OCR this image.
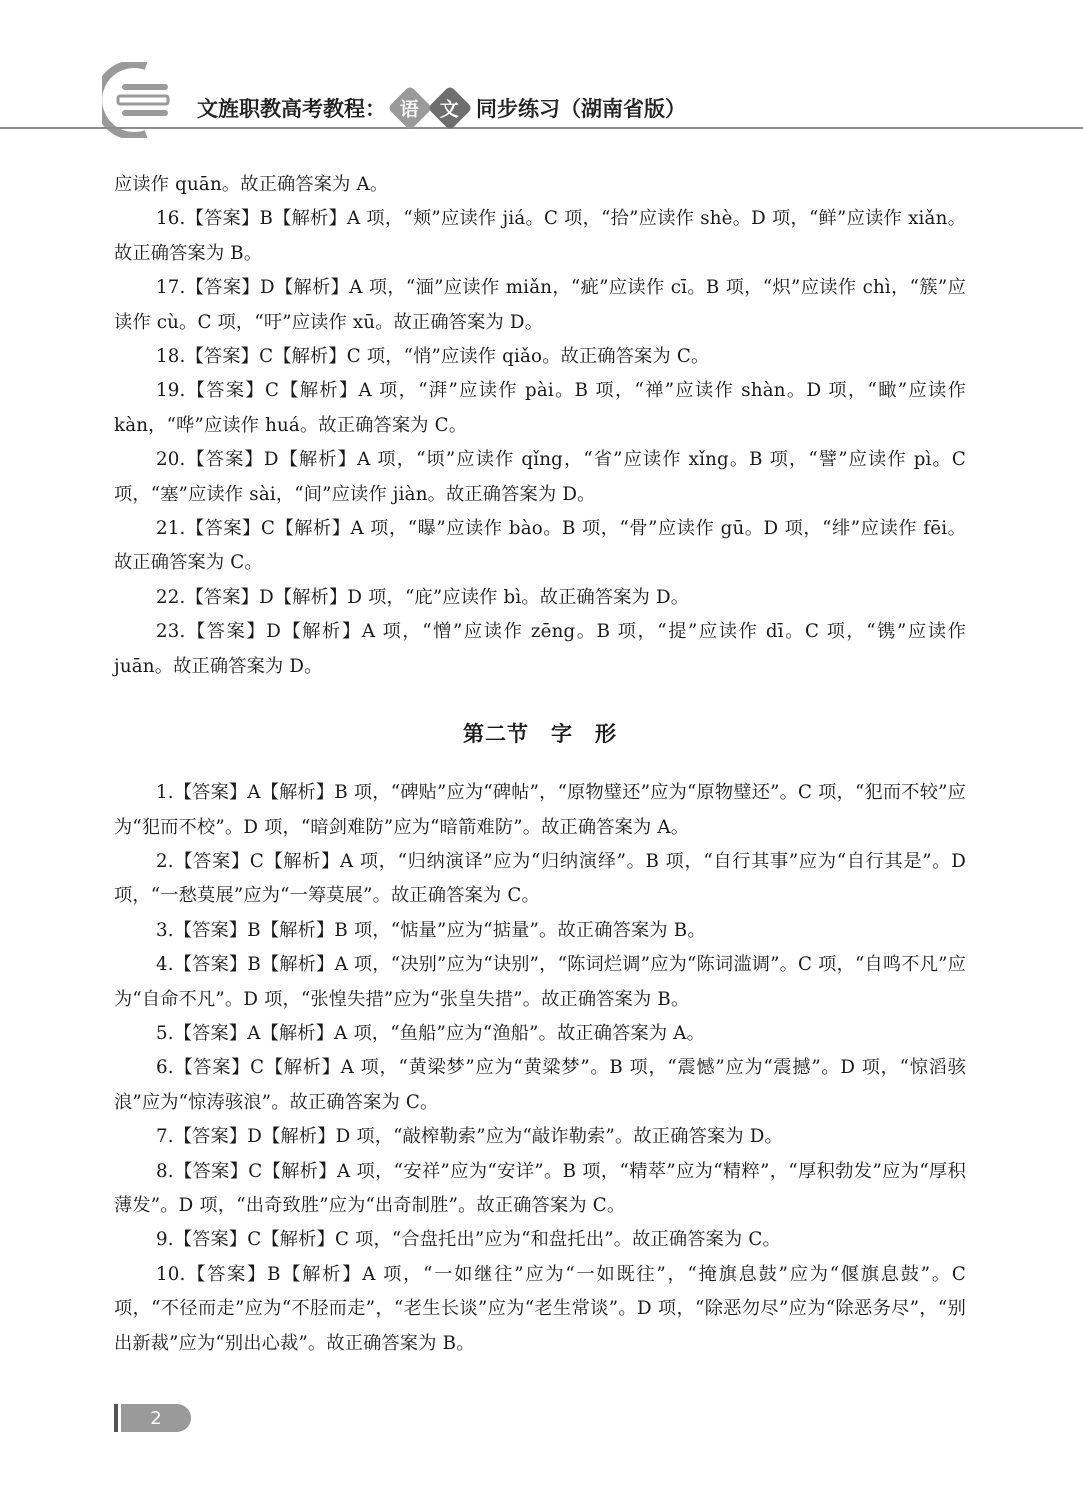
文旌职教高考教程： 语 文 同步练习（湖南省版）

应读作 quān。故正确答案为 A。

16.【答案】B【解析】A 项，“颊”应读作 jiá。C 项，“拾”应读作 shè。D 项，“鲜”应读作 xiǎn。故正确答案为 B。

17.【答案】D【解析】A 项，“湎”应读作 miǎn，“疵”应读作 cī。B 项，“炽”应读作 chì，“簇”应读作 cù。C 项，“吁”应读作 xū。故正确答案为 D。

18.【答案】C【解析】C 项，“悄”应读作 qiǎo。故正确答案为 C。

19.【答案】C【解析】A 项，“湃”应读作 pài。B 项，“禅”应读作 shàn。D 项，“瞰”应读作 kàn，“哗”应读作 huá。故正确答案为 C。

20.【答案】D【解析】A 项，“顷”应读作 qǐng，“省”应读作 xǐng。B 项，“譬”应读作 pì。C 项，“塞”应读作 sài，“间”应读作 jiàn。故正确答案为 D。

21.【答案】C【解析】A 项，“曝”应读作 bào。B 项，“骨”应读作 gū。D 项，“绯”应读作 fēi。故正确答案为 C。

22.【答案】D【解析】D 项，“庇”应读作 bì。故正确答案为 D。

23.【答案】D【解析】A 项，“憎”应读作 zēng。B 项，“提”应读作 dī。C 项，“镌”应读作 juān。故正确答案为 D。

第二节　字　形

1.【答案】A【解析】B 项，“碑贴”应为“碑帖”，“原物璧还”应为“原物璧还”。C 项，“犯而不较”应为“犯而不校”。D 项，“暗剑难防”应为“暗箭难防”。故正确答案为 A。

2.【答案】C【解析】A 项，“归纳演译”应为“归纳演绎”。B 项，“自行其事”应为“自行其是”。D 项，“一愁莫展”应为“一筹莫展”。故正确答案为 C。

3.【答案】B【解析】B 项，“惦量”应为“掂量”。故正确答案为 B。

4.【答案】B【解析】A 项，“决别”应为“诀别”，“陈词烂调”应为“陈词滥调”。C 项，“自鸣不凡”应为“自命不凡”。D 项，“张惶失措”应为“张皇失措”。故正确答案为 B。

5.【答案】A【解析】A 项，“鱼船”应为“渔船”。故正确答案为 A。

6.【答案】C【解析】A 项，“黄梁梦”应为“黄粱梦”。B 项，“震憾”应为“震撼”。D 项，“惊滔骇浪”应为“惊涛骇浪”。故正确答案为 C。

7.【答案】D【解析】D 项，“敲榨勒索”应为“敲诈勒索”。故正确答案为 D。

8.【答案】C【解析】A 项，“安祥”应为“安详”。B 项，“精萃”应为“精粹”，“厚积勃发”应为“厚积薄发”。D 项，“出奇致胜”应为“出奇制胜”。故正确答案为 C。

9.【答案】C【解析】C 项，“合盘托出”应为“和盘托出”。故正确答案为 C。

10.【答案】B【解析】A 项，“一如继往”应为“一如既往”，“掩旗息鼓”应为“偃旗息鼓”。C 项，“不径而走”应为“不胫而走”，“老生长谈”应为“老生常谈”。D 项，“除恶勿尽”应为“除恶务尽”，“别出新裁”应为“别出心裁”。故正确答案为 B。

2
